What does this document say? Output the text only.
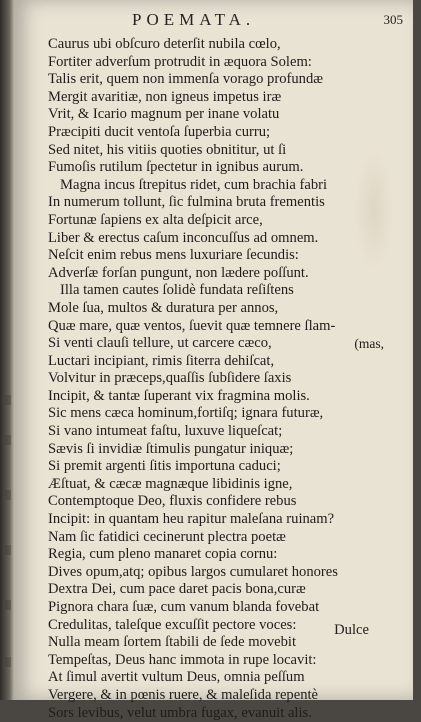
POEMATA.	305
Caurus ubi obſcuro deterſit nubila cœlo,
Fortiter adverſum protrudit in æquora Solem:
Talis erit, quem non immenſa vorago profundæ
Mergit avaritiæ, non igneus impetus iræ
Vrit, & Icario magnum per inane volatu
Præcipiti ducit ventoſa ſuperbia curru;
Sed nitet, his vitiis quoties obnititur, ut ſi
Fumoſis rutilum ſpectetur in ignibus aurum.
Magna incus ſtrepitus ridet, cum brachia fabri
In numerum tollunt, ſic fulmina bruta frementis
Fortunæ ſapiens ex alta deſpicit arce,
Liber & erectus caſum inconcuſſus ad omnem.
Neſcit enim rebus mens luxuriare ſecundis:
Adverſæ forſan pungunt, non lædere poſſunt.
Illa tamen cautes ſolidè fundata reſiſtens
Mole ſua, multos & duratura per annos,
Quæ mare, quæ ventos, ſuevit quæ temnere ſlam-
Si venti clauſi tellure, ut carcere cæco,	(mas,
Luctari incipiant, rimis ſiterra dehiſcat,
Volvitur in præceps,quaſſis ſubſidere ſaxis
Incipit, & tantæ ſuperant vix fragmina molis.
Sic mens cæca hominum,fortiſq; ignara futuræ,
Si vano intumeat faſtu, luxuve liqueſcat;
Sævis ſi invidiæ ſtimulis pungatur iniquæ;
Si premit argenti ſitis importuna caduci;
Æſtuat, & cæcæ magnæque libidinis igne,
Contemptoque Deo, fluxis confidere rebus
Incipit: in quantam heu rapitur maleſana ruinam?
Nam ſic fatidici cecinerunt plectra poetæ
Regia, cum pleno manaret copia cornu:
Dives opum,atq; opibus largos cumularet honores
Dextra Dei, cum pace daret pacis bona,curæ
Pignora chara ſuæ, cum vanum blanda fovebat
Credulitas, taleſque excuſſit pectore voces:
Nulla meam ſortem ſtabili de ſede movebit
Tempeſtas, Deus hanc immota in rupe locavit:
At ſimul avertit vultum Deus, omnia peſſum
Vergere, & in pœnis ruere, & maleſida repentè
Sors levibus, velut umbra fugax, evanuit alis.
Dulce
